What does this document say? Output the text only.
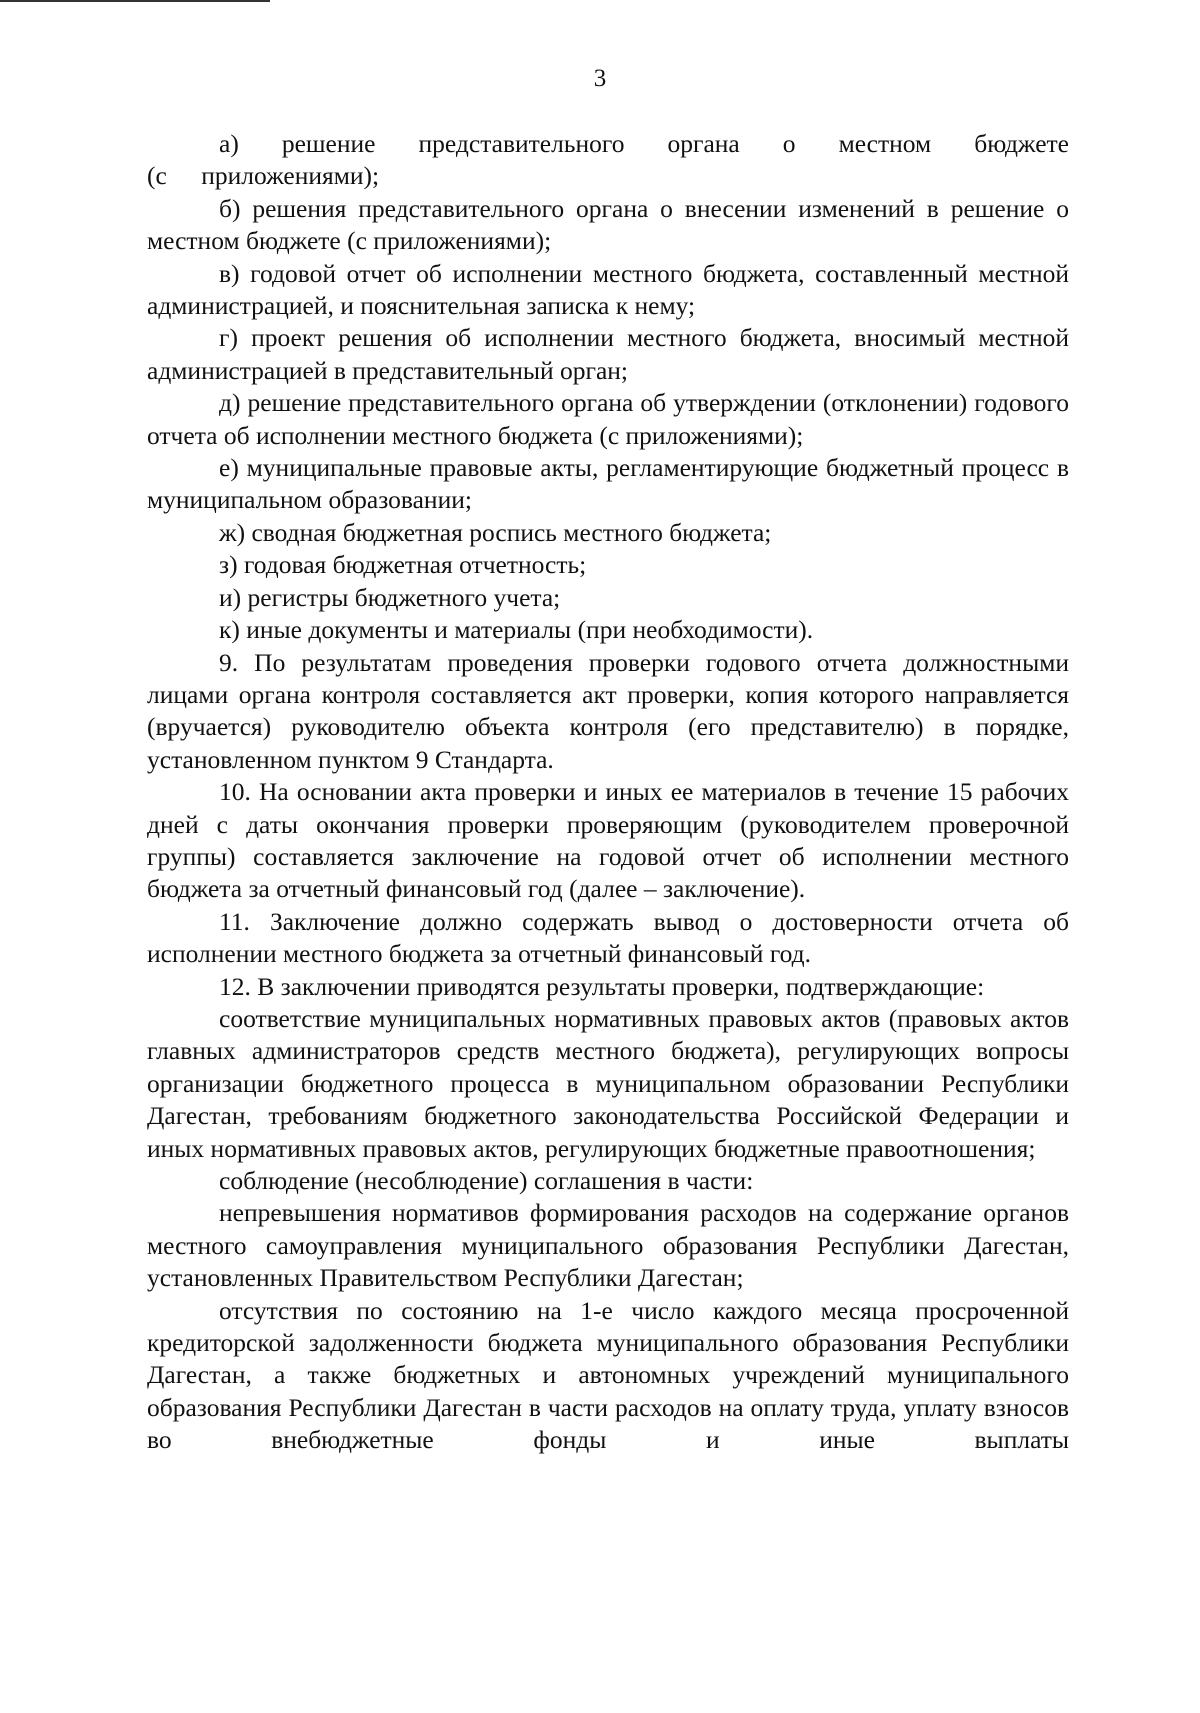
3

а) решение представительного органа о местном бюджете (с приложениями);

б) решения представительного органа о внесении изменений в решение о местном бюджете (с приложениями);

в) годовой отчет об исполнении местного бюджета, составленный местной администрацией, и пояснительная записка к нему;

г) проект решения об исполнении местного бюджета, вносимый местной администрацией в представительный орган;

д) решение представительного органа об утверждении (отклонении) годового отчета об исполнении местного бюджета (с приложениями);

е) муниципальные правовые акты, регламентирующие бюджетный процесс в муниципальном образовании;

ж) сводная бюджетная роспись местного бюджета;

з) годовая бюджетная отчетность;

и) регистры бюджетного учета;

к) иные документы и материалы (при необходимости).

9. По результатам проведения проверки годового отчета должностными лицами органа контроля составляется акт проверки, копия которого направляется (вручается) руководителю объекта контроля (его представителю) в порядке, установленном пунктом 9 Стандарта.

10. На основании акта проверки и иных ее материалов в течение 15 рабочих дней с даты окончания проверки проверяющим (руководителем проверочной группы) составляется заключение на годовой отчет об исполнении местного бюджета за отчетный финансовый год (далее – заключение).

11. Заключение должно содержать вывод о достоверности отчета об исполнении местного бюджета за отчетный финансовый год.

12. В заключении приводятся результаты проверки, подтверждающие:

соответствие муниципальных нормативных правовых актов (правовых актов главных администраторов средств местного бюджета), регулирующих вопросы организации бюджетного процесса в муниципальном образовании Республики Дагестан, требованиям бюджетного законодательства Российской Федерации и иных нормативных правовых актов, регулирующих бюджетные правоотношения;

соблюдение (несоблюдение) соглашения в части:

непревышения нормативов формирования расходов на содержание органов местного самоуправления муниципального образования Республики Дагестан, установленных Правительством Республики Дагестан;

отсутствия по состоянию на 1-е число каждого месяца просроченной кредиторской задолженности бюджета муниципального образования Республики Дагестан, а также бюджетных и автономных учреждений муниципального образования Республики Дагестан в части расходов на оплату труда, уплату взносов во внебюджетные фонды и иные выплаты
